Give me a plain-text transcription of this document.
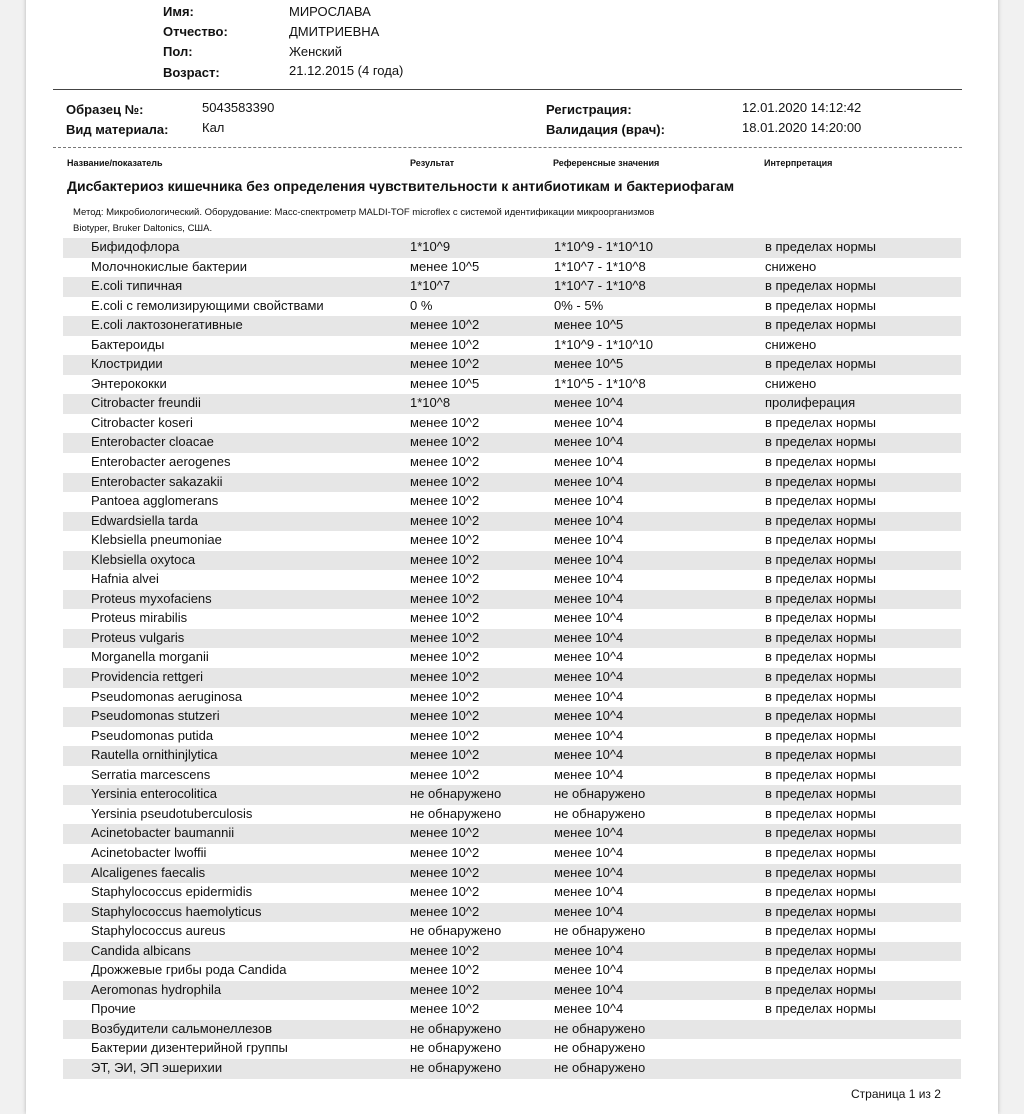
Имя:	МИРОСЛАВА
Отчество:	ДМИТРИЕВНА
Пол:	Женский
Возраст:	21.12.2015 (4 года)
Образец №:	5043583390
Вид материала:	Кал
Регистрация:	12.01.2020 14:12:42
Валидация (врач):	18.01.2020 14:20:00
Название/показатель	Результат	Референсные значения	Интерпретация
Дисбактериоз кишечника без определения чувствительности к антибиотикам и бактериофагам
Метод: Микробиологический. Оборудование: Масс-спектрометр MALDI-TOF microflex с системой идентификации микроорганизмов
Biotyper, Bruker Daltonics, США.
Бифидофлора	1*10^9	1*10^9 - 1*10^10	в пределах нормы
Молочнокислые бактерии	менее 10^5	1*10^7 - 1*10^8	снижено
E.coli типичная	1*10^7	1*10^7 - 1*10^8	в пределах нормы
E.coli с гемолизирующими свойствами	0 %	0% - 5%	в пределах нормы
E.coli лактозонегативные	менее 10^2	менее 10^5	в пределах нормы
Бактероиды	менее 10^2	1*10^9 - 1*10^10	снижено
Клостридии	менее 10^2	менее 10^5	в пределах нормы
Энтерококки	менее 10^5	1*10^5 - 1*10^8	снижено
Citrobacter freundii	1*10^8	менее 10^4	пролиферация
Citrobacter koseri	менее 10^2	менее 10^4	в пределах нормы
Enterobacter cloacae	менее 10^2	менее 10^4	в пределах нормы
Enterobacter aerogenes	менее 10^2	менее 10^4	в пределах нормы
Enterobacter sakazakii	менее 10^2	менее 10^4	в пределах нормы
Pantoea agglomerans	менее 10^2	менее 10^4	в пределах нормы
Edwardsiella tarda	менее 10^2	менее 10^4	в пределах нормы
Klebsiella pneumoniae	менее 10^2	менее 10^4	в пределах нормы
Klebsiella oxytoca	менее 10^2	менее 10^4	в пределах нормы
Hafnia alvei	менее 10^2	менее 10^4	в пределах нормы
Proteus myxofaciens	менее 10^2	менее 10^4	в пределах нормы
Proteus mirabilis	менее 10^2	менее 10^4	в пределах нормы
Proteus vulgaris	менее 10^2	менее 10^4	в пределах нормы
Morganella morganii	менее 10^2	менее 10^4	в пределах нормы
Providencia rettgeri	менее 10^2	менее 10^4	в пределах нормы
Pseudomonas aeruginosa	менее 10^2	менее 10^4	в пределах нормы
Pseudomonas stutzeri	менее 10^2	менее 10^4	в пределах нормы
Pseudomonas putida	менее 10^2	менее 10^4	в пределах нормы
Rautella ornithinjlytica	менее 10^2	менее 10^4	в пределах нормы
Serratia marcescens	менее 10^2	менее 10^4	в пределах нормы
Yersinia enterocolitica	не обнаружено	не обнаружено	в пределах нормы
Yersinia pseudotuberculosis	не обнаружено	не обнаружено	в пределах нормы
Acinetobacter baumannii	менее 10^2	менее 10^4	в пределах нормы
Acinetobacter lwoffii	менее 10^2	менее 10^4	в пределах нормы
Alcaligenes faecalis	менее 10^2	менее 10^4	в пределах нормы
Staphylococcus epidermidis	менее 10^2	менее 10^4	в пределах нормы
Staphylococcus haemolyticus	менее 10^2	менее 10^4	в пределах нормы
Staphylococcus aureus	не обнаружено	не обнаружено	в пределах нормы
Candida albicans	менее 10^2	менее 10^4	в пределах нормы
Дрожжевые грибы рода Candida	менее 10^2	менее 10^4	в пределах нормы
Aeromonas hydrophila	менее 10^2	менее 10^4	в пределах нормы
Прочие	менее 10^2	менее 10^4	в пределах нормы
Возбудители сальмонеллезов	не обнаружено	не обнаружено
Бактерии дизентерийной группы	не обнаружено	не обнаружено
ЭТ, ЭИ, ЭП эшерихии	не обнаружено	не обнаружено
Страница 1 из 2
